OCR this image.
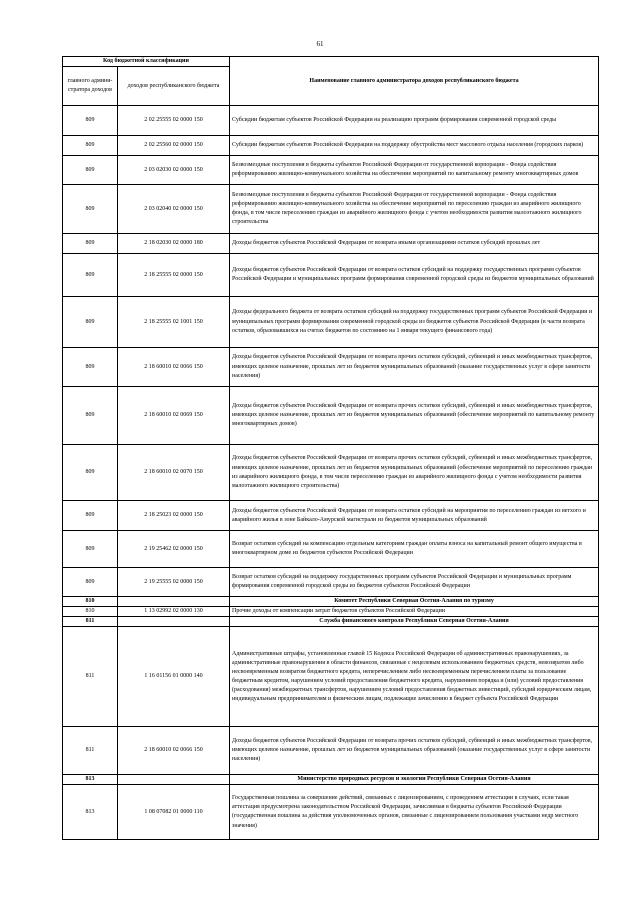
61
Код бюджетной классификации		Наименование главного администратора доходов республиканского бюджета
главного админи-стратора доходов	доходов республиканского бюджета	
809	2 02 25555 02 0000 150	Субсидии бюджетам субъектов Российской Федерации на реализацию программ формирования современной городской среды
809	2 02 25560 02 0000 150	Субсидии бюджетам субъектов Российской Федерации на поддержку обустройства мест массового отдыха населения (городских парков)
809	2 03 02030 02 0000 150	Безвозмездные поступления в бюджеты субъектов Российской Федерации от государственной корпорации - Фонда содействия реформированию жилищно-коммунального хозяйства на обеспечение мероприятий по капитальному ремонту многоквартирных домов
809	2 03 02040 02 0000 150	Безвозмездные поступления в бюджеты субъектов Российской Федерации от государственной корпорации - Фонда содействия реформированию жилищно-коммунального хозяйства на обеспечение мероприятий по переселению граждан из аварийного жилищного фонда, в том числе переселению граждан из аварийного жилищного фонда с учетом необходимости развития малоэтажного жилищного строительства
809	2 18 02030 02 0000 180	Доходы бюджетов субъектов Российской Федерации от возврата иными организациями остатков субсидий прошлых лет
809	2 18 25555 02 0000 150	Доходы бюджетов субъектов Российской Федерации от возврата остатков субсидий на поддержку государственных программ субъектов Российской Федерации и муниципальных программ формирования современной городской среды из бюджетов муниципальных образований
809	2 18 25555 02 1001 150	Доходы федерального бюджета от возврата остатков субсидий на поддержку государственных программ субъектов Российской Федерации и муниципальных программ формирования современной городской среды из бюджетов субъектов Российской Федерации (в части возврата остатков, образовавшихся на счетах бюджетов по состоянию на 1 января текущего финансового года)
809	2 18 60010 02 0066 150	Доходы бюджетов субъектов Российской Федерации от возврата прочих остатков субсидий, субвенций и иных межбюджетных трансфертов, имеющих целевое назначение, прошлых лет из бюджетов муниципальных образований (оказание государственных услуг в сфере занятости населения)
809	2 18 60010 02 0069 150	Доходы бюджетов субъектов Российской Федерации от возврата прочих остатков субсидий, субвенций и иных межбюджетных трансфертов, имеющих целевое назначение, прошлых лет из бюджетов муниципальных образований (обеспечение мероприятий по капитальному ремонту многоквартирных домов)
809	2 18 60010 02 0070 150	Доходы бюджетов субъектов Российской Федерации от возврата прочих остатков субсидий, субвенций и иных межбюджетных трансфертов, имеющих целевое назначение, прошлых лет из бюджетов муниципальных образований (обеспечение мероприятий по переселению граждан из аварийного жилищного фонда, в том числе переселению граждан из аварийного жилищного фонда с учетом необходимости развития малоэтажного жилищного строительства)
809	2 18 25023 02 0000 150	Доходы бюджетов субъектов Российской Федерации от возврата остатков субсидий на мероприятия по переселению граждан из ветхого и аварийного жилья в зоне Байкало-Амурской магистрали из бюджетов муниципальных образований
809	2 19 25462 02 0000 150	Возврат остатков субсидий на компенсацию отдельным категориям граждан оплаты взноса на капитальный ремонт общего имущества в многоквартирном доме из бюджетов субъектов Российской Федерации
809	2 19 25555 02 0000 150	Возврат остатков субсидий на поддержку государственных программ субъектов Российской Федерации и муниципальных программ формирования современной городской среды из бюджетов субъектов Российской Федерации
810		Комитет Республики Северная Осетия-Алания по туризму
810	1 13 02992 02 0000 130	Прочие доходы от компенсации затрат бюджетов субъектов Российской Федерации
811		Служба финансового контроля Республики Северная Осетия-Алания
811	1 16 01156 01 0000 140	Административные штрафы, установленные главой 15 Кодекса Российской Федерации об административных правонарушениях, за административные правонарушения в области финансов, связанные с нецелевым использованием бюджетных средств, невозвратом либо несвоевременным возвратом бюджетного кредита, неперечислением либо несвоевременным перечислением платы за пользование бюджетным кредитом, нарушением условий предоставления бюджетного кредита, нарушением порядка и (или) условий предоставления (расходования) межбюджетных трансфертов, нарушением условий предоставления бюджетных инвестиций, субсидий юридическим лицам, индивидуальным предпринимателям и физическим лицам, подлежащие зачислению в бюджет субъекта Российской Федерации
811	2 18 60010 02 0066 150	Доходы бюджетов субъектов Российской Федерации от возврата прочих остатков субсидий, субвенций и иных межбюджетных трансфертов, имеющих целевое назначение, прошлых лет из бюджетов муниципальных образований (оказание государственных услуг в сфере занятости населения)
813		Министерство природных ресурсов и экологии Республики Северная Осетия-Алания
813	1 08 07082 01 0000 110	Государственная пошлина за совершение действий, связанных с лицензированием, с проведением аттестации в случаях, если такая аттестация предусмотрена законодательством Российской Федерации, зачисляемая в бюджеты субъектов Российской Федерации (государственная пошлина за действия уполномоченных органов, связанные с лицензированием пользования участками недр местного значения)
